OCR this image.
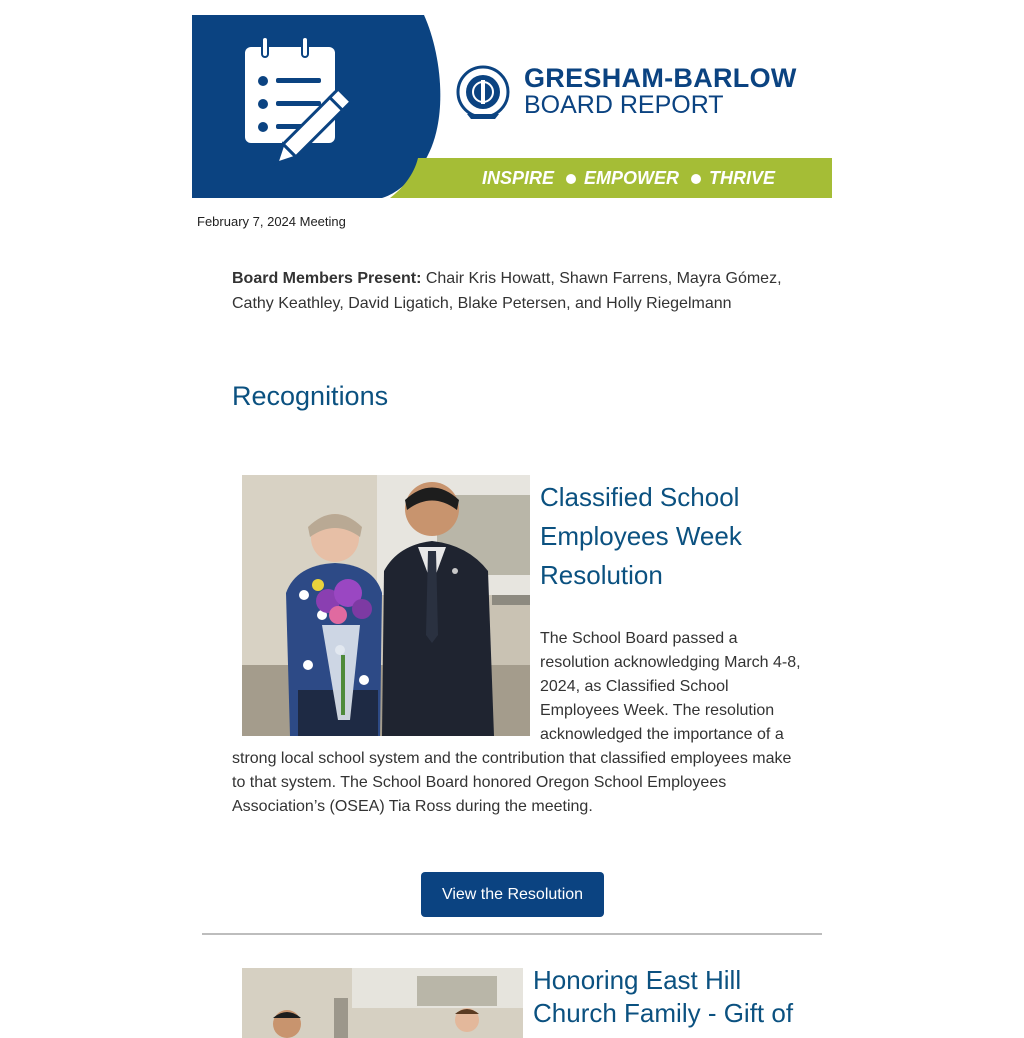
GRESHAM-BARLOW
BOARD REPORT
INSPIRE EMPOWER THRIVE
February 7, 2024 Meeting

Board Members Present: Chair Kris Howatt, Shawn Farrens, Mayra Gómez, Cathy Keathley, David Ligatich, Blake Petersen, and Holly Riegelmann

Recognitions
Classified School Employees Week Resolution

The School Board passed a resolution acknowledging March 4-8, 2024, as Classified School Employees Week. The resolution acknowledged the importance of a strong local school system and the contribution that classified employees make to that system. The School Board honored Oregon School Employees Association’s (OSEA) Tia Ross during the meeting.

View the Resolution
Honoring East Hill Church Family - Gift of
